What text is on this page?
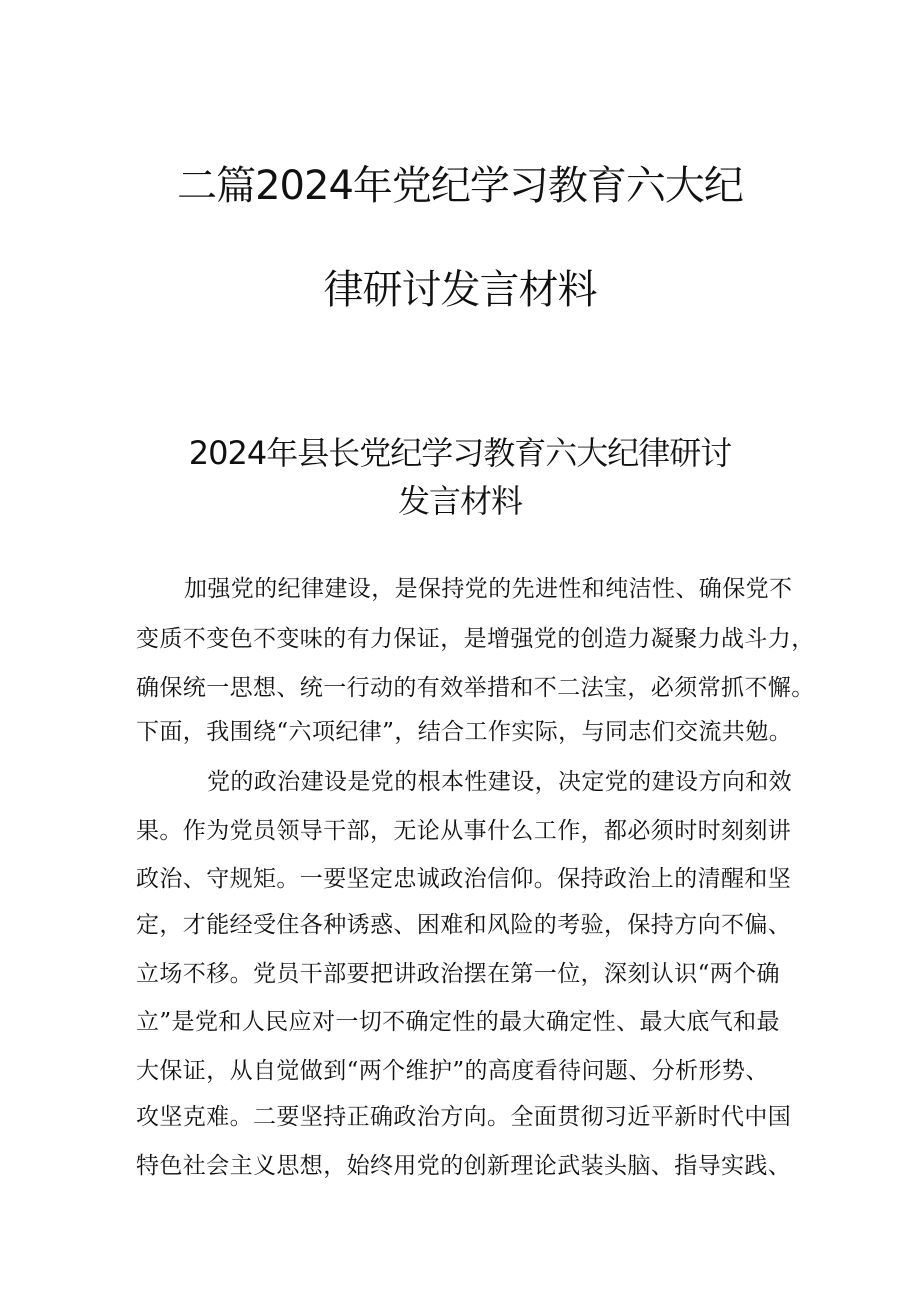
二篇2024年党纪学习教育六大纪
律研讨发言材料
2024年县长党纪学习教育六大纪律研讨
发言材料
加强党的纪律建设，是保持党的先进性和纯洁性、确保党不
变质不变色不变味的有力保证，是增强党的创造力凝聚力战斗力，
确保统一思想、统一行动的有效举措和不二法宝，必须常抓不懈。
下面，我围绕“六项纪律”，结合工作实际，与同志们交流共勉。
党的政治建设是党的根本性建设，决定党的建设方向和效
果。作为党员领导干部，无论从事什么工作，都必须时时刻刻讲
政治、守规矩。一要坚定忠诚政治信仰。保持政治上的清醒和坚
定，才能经受住各种诱惑、困难和风险的考验，保持方向不偏、
立场不移。党员干部要把讲政治摆在第一位，深刻认识“两个确
立”是党和人民应对一切不确定性的最大确定性、最大底气和最
大保证，从自觉做到“两个维护”的高度看待问题、分析形势、
攻坚克难。二要坚持正确政治方向。全面贯彻习近平新时代中国
特色社会主义思想，始终用党的创新理论武装头脑、指导实践、
